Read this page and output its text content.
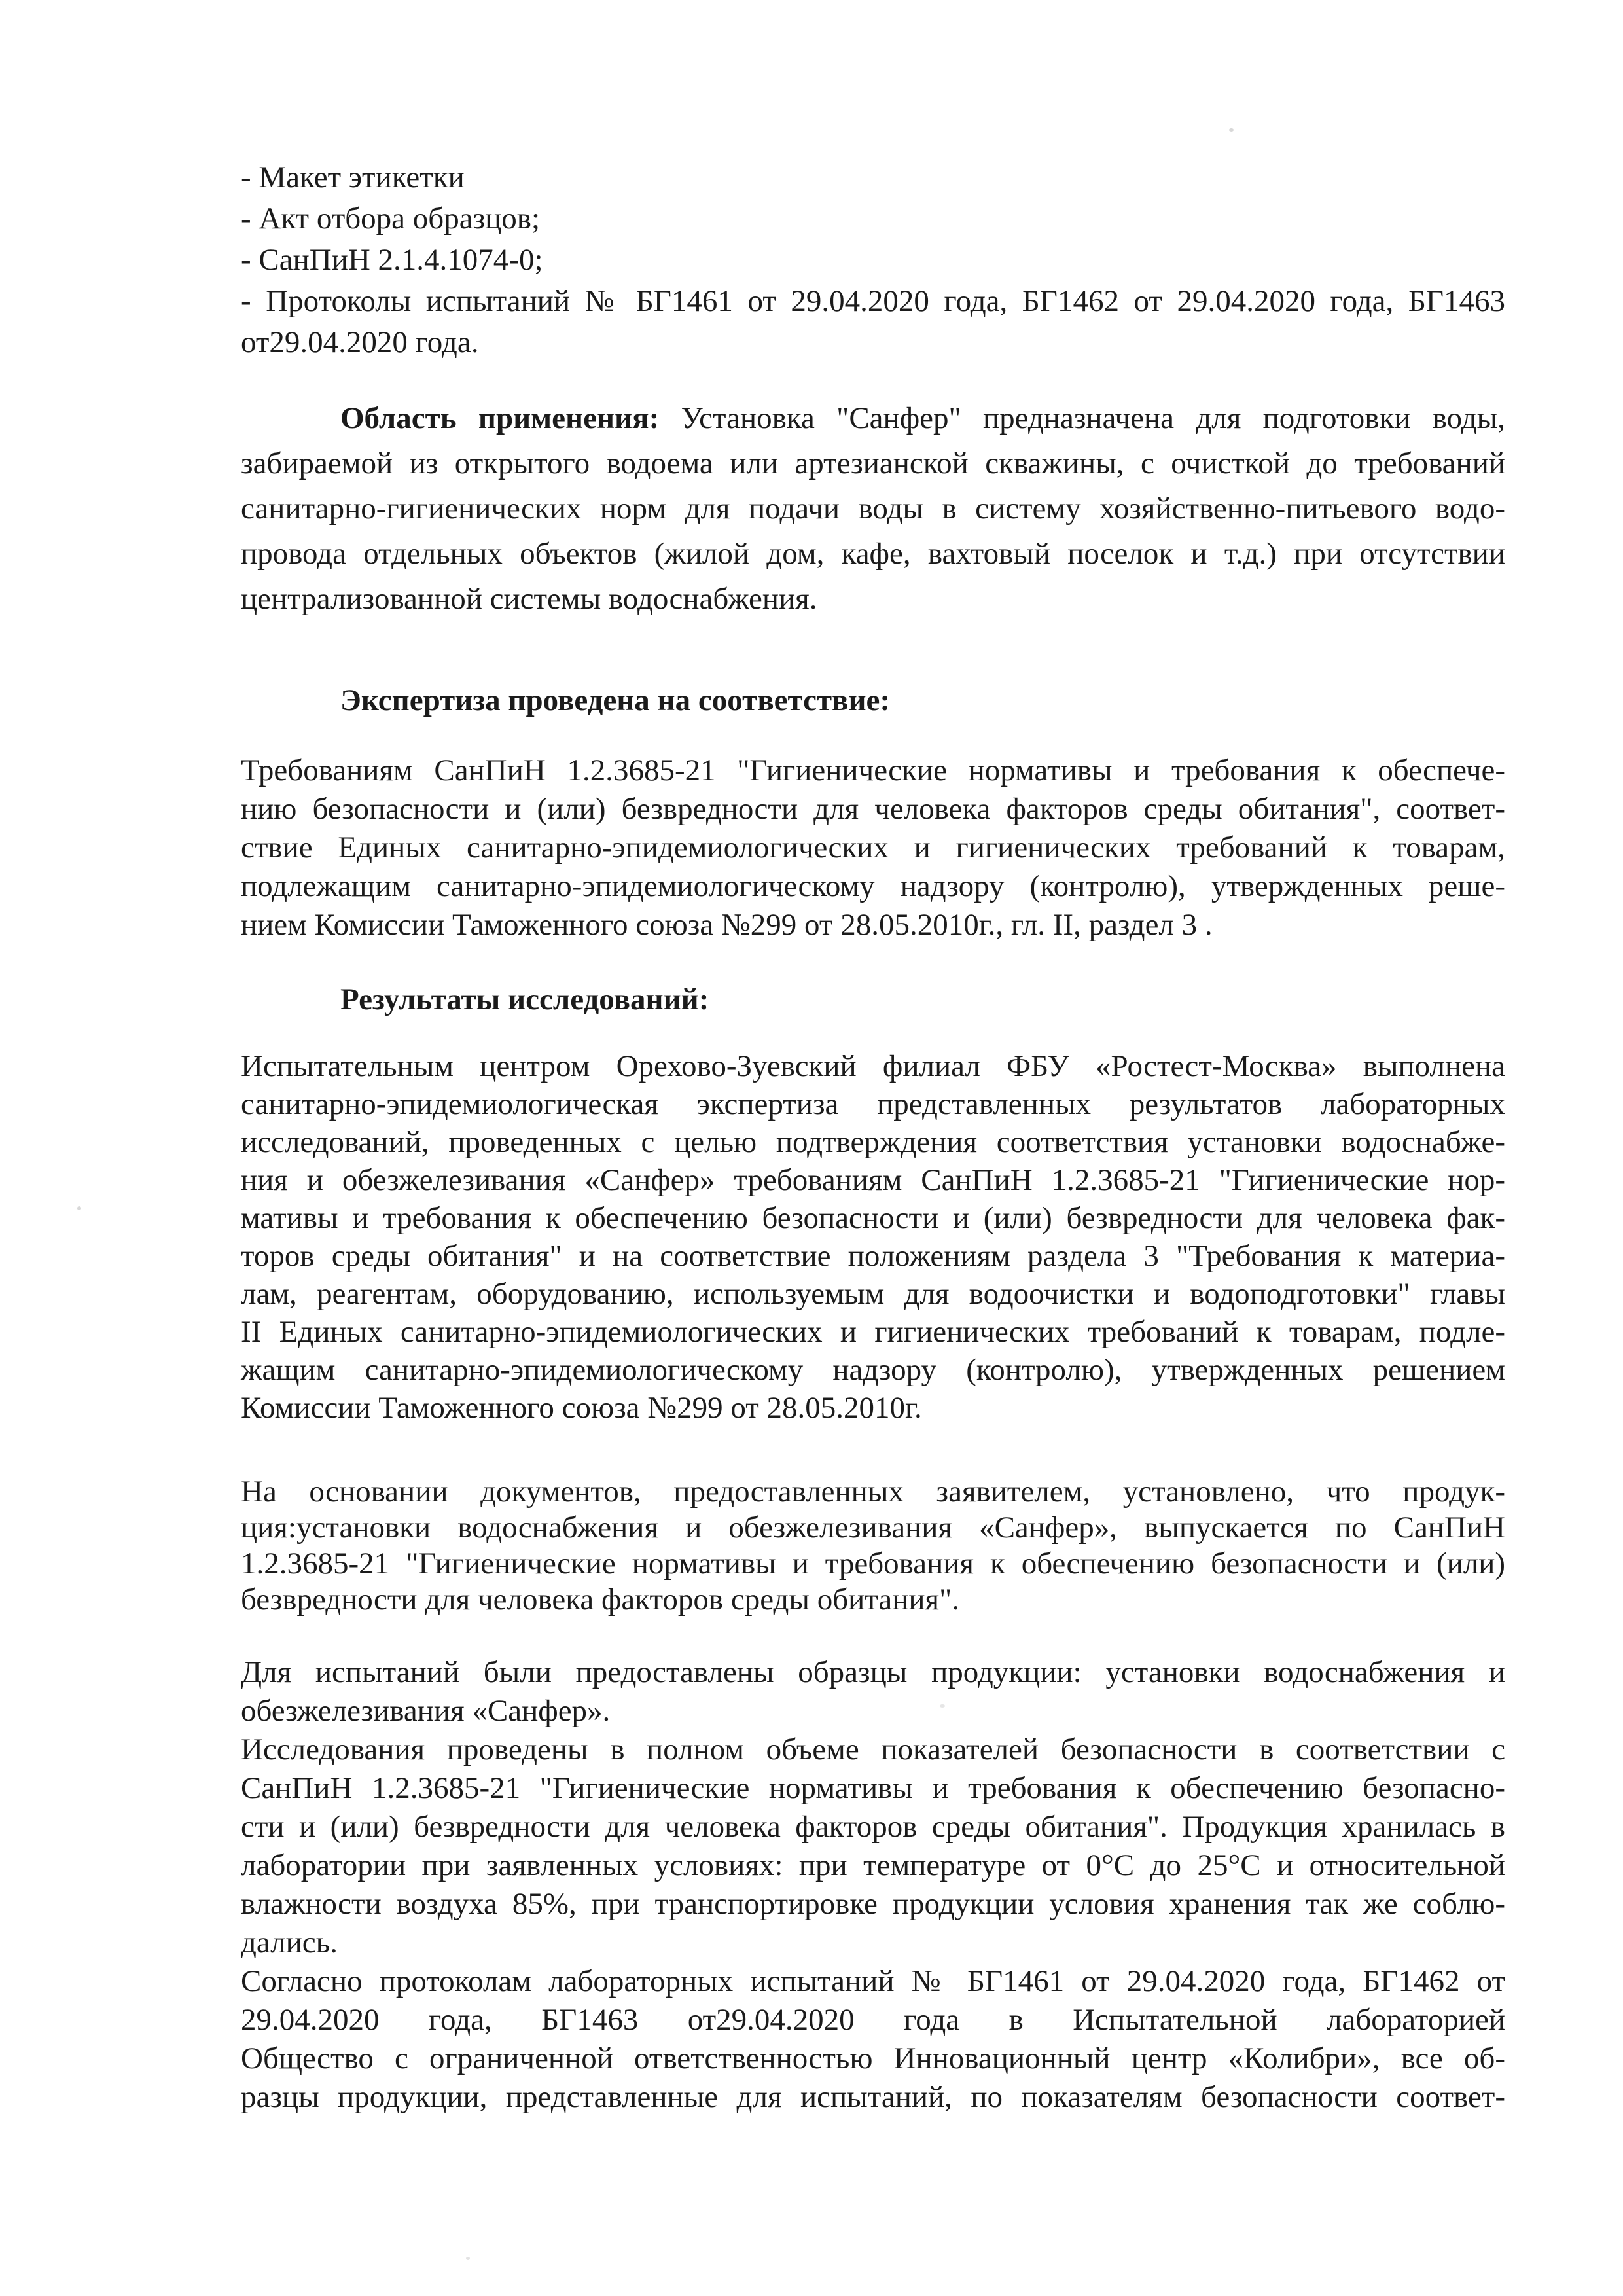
- Макет этикетки
- Акт отбора образцов;
- СанПиН 2.1.4.1074-0;
- Протоколы испытаний № БГ1461 от 29.04.2020 года, БГ1462 от 29.04.2020 года, БГ1463
от29.04.2020 года.
Область применения: Установка "Санфер" предназначена для подготовки воды,
забираемой из открытого водоема или артезианской скважины, с очисткой до требований
санитарно-гигиенических норм для подачи воды в систему хозяйственно-питьевого водо-
провода отдельных объектов (жилой дом, кафе, вахтовый поселок и т.д.) при отсутствии
централизованной системы водоснабжения.
Экспертиза проведена на соответствие:
Требованиям СанПиН 1.2.3685-21 "Гигиенические нормативы и требования к обеспече-
нию безопасности и (или) безвредности для человека факторов среды обитания", соответ-
ствие Единых санитарно-эпидемиологических и гигиенических требований к товарам,
подлежащим санитарно-эпидемиологическому надзору (контролю), утвержденных реше-
нием Комиссии Таможенного союза №299 от 28.05.2010г., гл. II, раздел 3 .
Результаты исследований:
Испытательным центром Орехово-Зуевский филиал ФБУ «Ростест-Москва» выполнена
санитарно-эпидемиологическая экспертиза представленных результатов лабораторных
исследований, проведенных с целью подтверждения соответствия установки водоснабже-
ния и обезжелезивания «Санфер» требованиям СанПиН 1.2.3685-21 "Гигиенические нор-
мативы и требования к обеспечению безопасности и (или) безвредности для человека фак-
торов среды обитания" и на соответствие положениям раздела 3 "Требования к материа-
лам, реагентам, оборудованию, используемым для водоочистки и водоподготовки" главы
II Единых санитарно-эпидемиологических и гигиенических требований к товарам, подле-
жащим санитарно-эпидемиологическому надзору (контролю), утвержденных решением
Комиссии Таможенного союза №299 от 28.05.2010г.
На основании документов, предоставленных заявителем, установлено, что продук-
ция:установки водоснабжения и обезжелезивания «Санфер», выпускается по СанПиН
1.2.3685-21 "Гигиенические нормативы и требования к обеспечению безопасности и (или)
безвредности для человека факторов среды обитания".
Для испытаний были предоставлены образцы продукции: установки водоснабжения и
обезжелезивания «Санфер».
Исследования проведены в полном объеме показателей безопасности в соответствии с
СанПиН 1.2.3685-21 "Гигиенические нормативы и требования к обеспечению безопасно-
сти и (или) безвредности для человека факторов среды обитания". Продукция хранилась в
лаборатории при заявленных условиях: при температуре от 0°С до 25°С и относительной
влажности воздуха 85%, при транспортировке продукции условия хранения так же соблю-
дались.
Согласно протоколам лабораторных испытаний № БГ1461 от 29.04.2020 года, БГ1462 от
29.04.2020 года, БГ1463 от29.04.2020 года в Испытательной лабораторией
Общество с ограниченной ответственностью Инновационный центр «Колибри», все об-
разцы продукции, представленные для испытаний, по показателям безопасности соответ-
